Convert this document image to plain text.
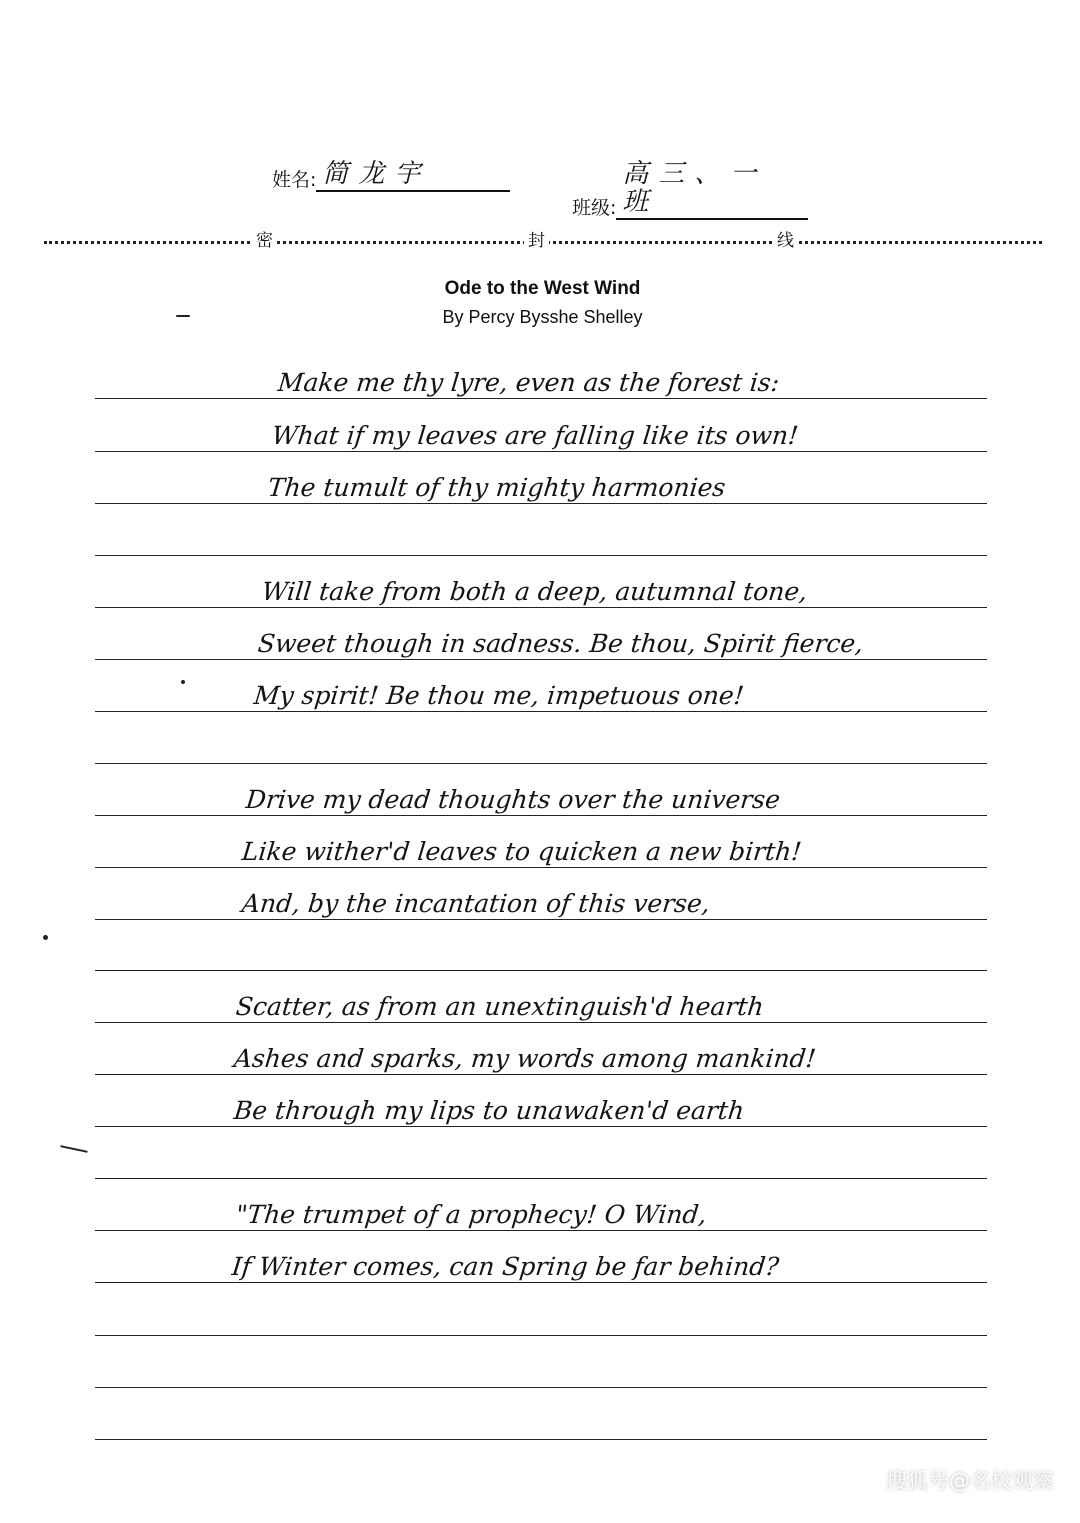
姓名: 简龙宇
班级:
高三、一班
密	封	线
Ode to the West Wind
By Percy Bysshe Shelley
Make me thy lyre, even as the forest is:
What if my leaves are falling like its own!
The tumult of thy mighty harmonies
Will take from both a deep, autumnal tone,
Sweet though in sadness. Be thou, Spirit fierce,
My spirit! Be thou me, impetuous one!
Drive my dead thoughts over the universe
Like wither'd leaves to quicken a new birth!
And, by the incantation of this verse,
Scatter, as from an unextinguish'd hearth
Ashes and sparks, my words among mankind!
Be through my lips to unawaken'd earth
"The trumpet of a prophecy! O Wind,
If Winter comes, can Spring be far behind?
搜狐号@名校观察
